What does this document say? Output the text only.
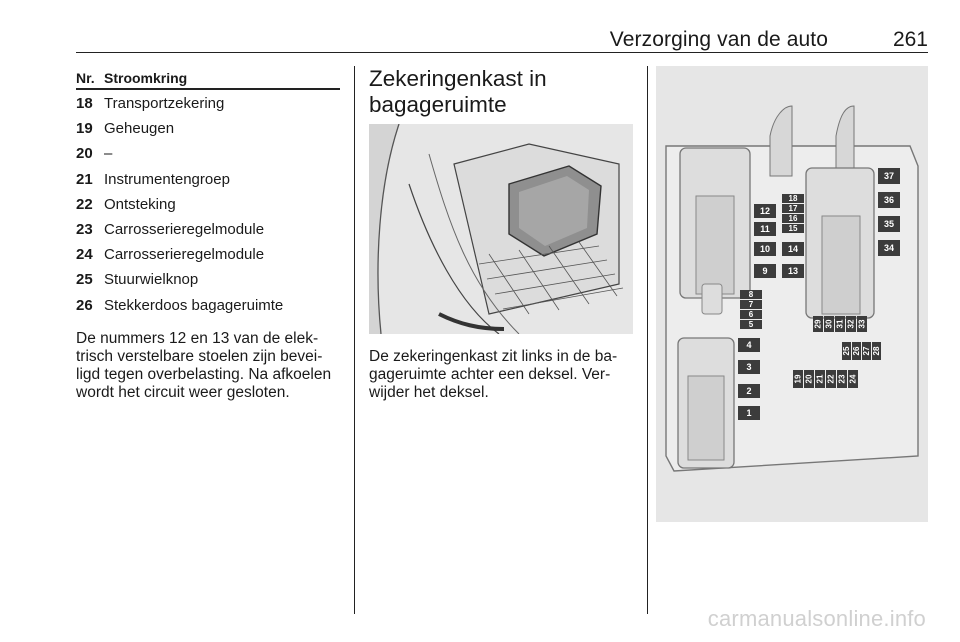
Verzorging van de auto	261
Nr. Stroomkring
18 Transportzekering
19 Geheugen
20 –
21 Instrumentengroep
22 Ontsteking
23 Carrosserieregelmodule
24 Carrosserieregelmodule
25 Stuurwielknop
26 Stekkerdoos bagageruimte

De nummers 12 en 13 van de elektrisch verstelbare stoelen zijn beveiligd tegen overbelasting. Na afkoelen wordt het circuit weer gesloten.

Zekeringenkast in bagageruimte

De zekeringenkast zit links in de bagageruimte achter een deksel. Verwijder het deksel.

12
11
10
9
18
17
16
15
14
13
37
36
35
34
8
7
6
5
4
3
2
1
29 30 31 32 33
25 26 27 28
19 20 21 22 23 24
carmanualsonline.info
